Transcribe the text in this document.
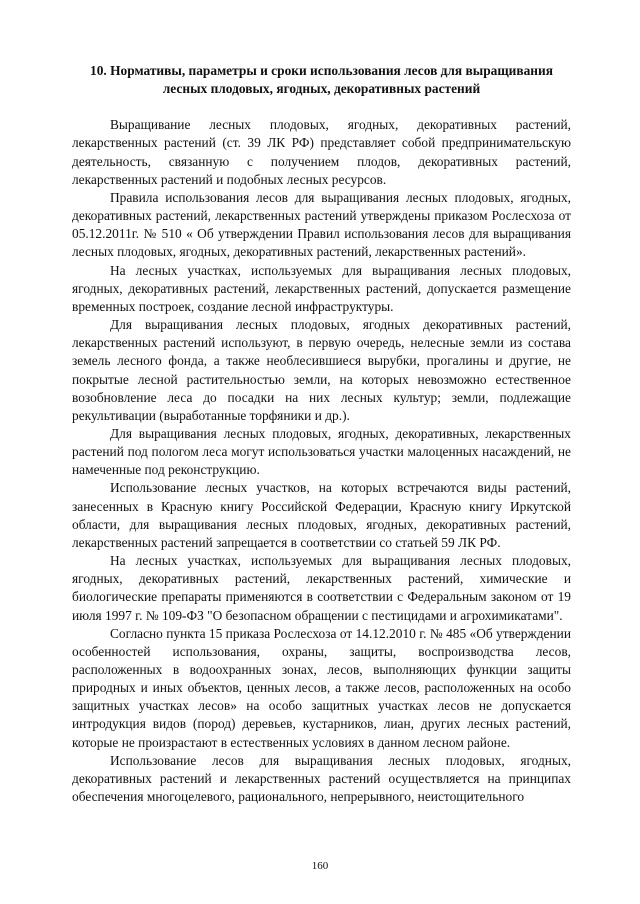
10. Нормативы, параметры и сроки использования лесов для выращивания лесных плодовых, ягодных, декоративных растений

Выращивание лесных плодовых, ягодных, декоративных растений, лекарственных растений (ст. 39 ЛК РФ) представляет собой предпринимательскую деятельность, связанную с получением плодов, декоративных растений, лекарственных растений и подобных лесных ресурсов.

Правила использования лесов для выращивания лесных плодовых, ягодных, декоративных растений, лекарственных растений утверждены приказом Рослесхоза от 05.12.2011г. № 510 « Об утверждении Правил использования лесов для выращивания лесных плодовых, ягодных, декоративных растений, лекарственных растений».

На лесных участках, используемых для выращивания лесных плодовых, ягодных, декоративных растений, лекарственных растений, допускается размещение временных построек, создание лесной инфраструктуры.

Для выращивания лесных плодовых, ягодных декоративных растений, лекарственных растений используют, в первую очередь, нелесные земли из состава земель лесного фонда, а также необлесившиеся вырубки, прогалины и другие, не покрытые лесной растительностью земли, на которых невозможно естественное возобновление леса до посадки на них лесных культур; земли, подлежащие рекультивации (выработанные торфяники и др.).

Для выращивания лесных плодовых, ягодных, декоративных, лекарственных растений под пологом леса могут использоваться участки малоценных насаждений, не намеченные под реконструкцию.

Использование лесных участков, на которых встречаются виды растений, занесенных в Красную книгу Российской Федерации, Красную книгу Иркутской области, для выращивания лесных плодовых, ягодных, декоративных растений, лекарственных растений запрещается в соответствии со статьей 59 ЛК РФ.

На лесных участках, используемых для выращивания лесных плодовых, ягодных, декоративных растений, лекарственных растений, химические и биологические препараты применяются в соответствии с Федеральным законом от 19 июля 1997 г. № 109-ФЗ "О безопасном обращении с пестицидами и агрохимикатами".

Согласно пункта 15 приказа Рослесхоза от 14.12.2010 г. № 485 «Об утверждении особенностей использования, охраны, защиты, воспроизводства лесов, расположенных в водоохранных зонах, лесов, выполняющих функции защиты природных и иных объектов, ценных лесов, а также лесов, расположенных на особо защитных участках лесов» на особо защитных участках лесов не допускается интродукция видов (пород) деревьев, кустарников, лиан, других лесных растений, которые не произрастают в естественных условиях в данном лесном районе.

Использование лесов для выращивания лесных плодовых, ягодных, декоративных растений и лекарственных растений осуществляется на принципах обеспечения многоцелевого, рационального, непрерывного, неистощительного

160
